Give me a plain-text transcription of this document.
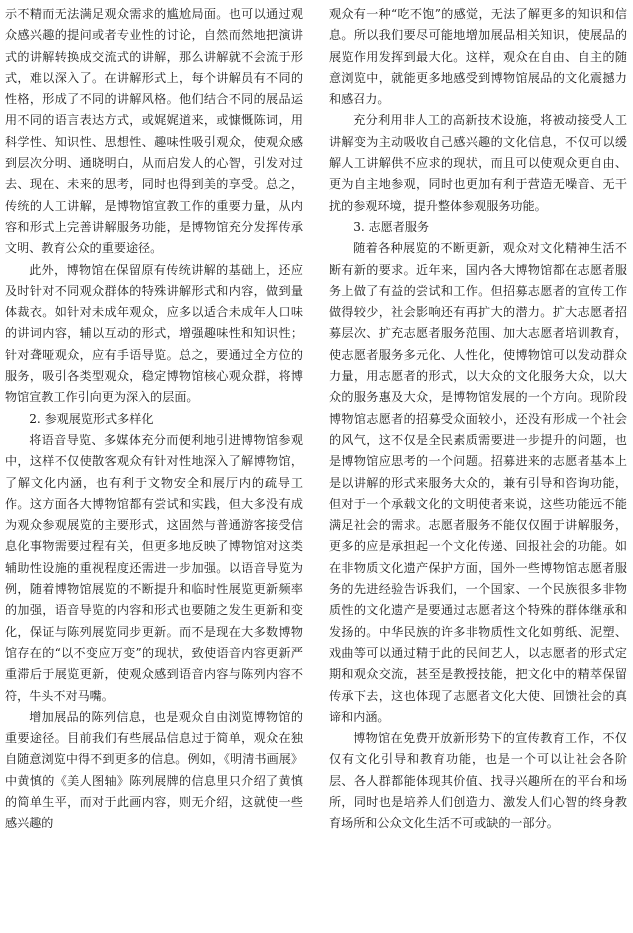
示不精而无法满足观众需求的尴尬局面。也可以通过观众感兴趣的提问或者专业性的讨论，自然而然地把演讲式的讲解转换成交流式的讲解，那么讲解就不会流于形式，难以深入了。在讲解形式上，每个讲解员有不同的性格，形成了不同的讲解风格。他们结合不同的展品运用不同的语言表达方式，或娓娓道来，或慷慨陈词，用科学性、知识性、思想性、趣味性吸引观众，使观众感到层次分明、通晓明白，从而启发人的心智，引发对过去、现在、未来的思考，同时也得到美的享受。总之，传统的人工讲解，是博物馆宣教工作的重要力量，从内容和形式上完善讲解服务功能，是博物馆充分发挥传承文明、教育公众的重要途径。

此外，博物馆在保留原有传统讲解的基础上，还应及时针对不同观众群体的特殊讲解形式和内容，做到量体裁衣。如针对未成年观众，应多以适合未成年人口味的讲词内容，辅以互动的形式，增强趣味性和知识性；针对聋哑观众，应有手语导览。总之，要通过全方位的服务，吸引各类型观众，稳定博物馆核心观众群，将博物馆宣教工作引向更为深入的层面。

2. 参观展览形式多样化

将语音导览、多媒体充分而便利地引进博物馆参观中，这样不仅使散客观众有针对性地深入了解博物馆，了解文化内涵，也有利于文物安全和展厅内的疏导工作。这方面各大博物馆都有尝试和实践，但大多没有成为观众参观展览的主要形式，这固然与普通游客接受信息化事物需要过程有关，但更多地反映了博物馆对这类辅助性设施的重视程度还需进一步加强。以语音导览为例，随着博物馆展览的不断提升和临时性展览更新频率的加强，语音导览的内容和形式也要随之发生更新和变化，保证与陈列展览同步更新。而不是现在大多数博物馆存在的“以不变应万变”的现状，致使语音内容更新严重滞后于展览更新，使观众感到语音内容与陈列内容不符，牛头不对马嘴。

增加展品的陈列信息，也是观众自由浏览博物馆的重要途径。目前我们有些展品信息过于简单，观众在独自随意浏览中得不到更多的信息。例如，《明清书画展》中黄慎的《美人图轴》陈列展牌的信息里只介绍了黄慎的简单生平，而对于此画内容，则无介绍，这就使一些感兴趣的

观众有一种“吃不饱”的感觉，无法了解更多的知识和信息。所以我们要尽可能地增加展品相关知识，使展品的展览作用发挥到最大化。这样，观众在自由、自主的随意浏览中，就能更多地感受到博物馆展品的文化震撼力和感召力。

充分利用非人工的高新技术设施，将被动接受人工讲解变为主动吸收自己感兴趣的文化信息，不仅可以缓解人工讲解供不应求的现状，而且可以使观众更自由、更为自主地参观，同时也更加有利于营造无噪音、无干扰的参观环境，提升整体参观服务功能。

3. 志愿者服务

随着各种展览的不断更新，观众对文化精神生活不断有新的要求。近年来，国内各大博物馆都在志愿者服务上做了有益的尝试和工作。但招募志愿者的宣传工作做得较少，社会影响还有再扩大的潜力。扩大志愿者招募层次、扩充志愿者服务范围、加大志愿者培训教育，使志愿者服务多元化、人性化，使博物馆可以发动群众力量，用志愿者的形式，以大众的文化服务大众，以大众的服务惠及大众，是博物馆发展的一个方向。现阶段博物馆志愿者的招募受众面较小，还没有形成一个社会的风气，这不仅是全民素质需要进一步提升的问题，也是博物馆应思考的一个问题。招募进来的志愿者基本上是以讲解的形式来服务大众的，兼有引导和咨询功能，但对于一个承载文化的文明使者来说，这些功能远不能满足社会的需求。志愿者服务不能仅仅囿于讲解服务，更多的应是承担起一个文化传递、回报社会的功能。如在非物质文化遗产保护方面，国外一些博物馆志愿者服务的先进经验告诉我们，一个国家、一个民族很多非物质性的文化遗产是要通过志愿者这个特殊的群体继承和发扬的。中华民族的许多非物质性文化如剪纸、泥塑、戏曲等可以通过精于此的民间艺人，以志愿者的形式定期和观众交流，甚至是教授技能，把文化中的精萃保留传承下去，这也体现了志愿者文化大使、回馈社会的真谛和内涵。

博物馆在免费开放新形势下的宣传教育工作，不仅仅有文化引导和教育功能，也是一个可以让社会各阶层、各人群都能体现其价值、找寻兴趣所在的平台和场所，同时也是培养人们创造力、激发人们心智的终身教育场所和公众文化生活不可或缺的一部分。
